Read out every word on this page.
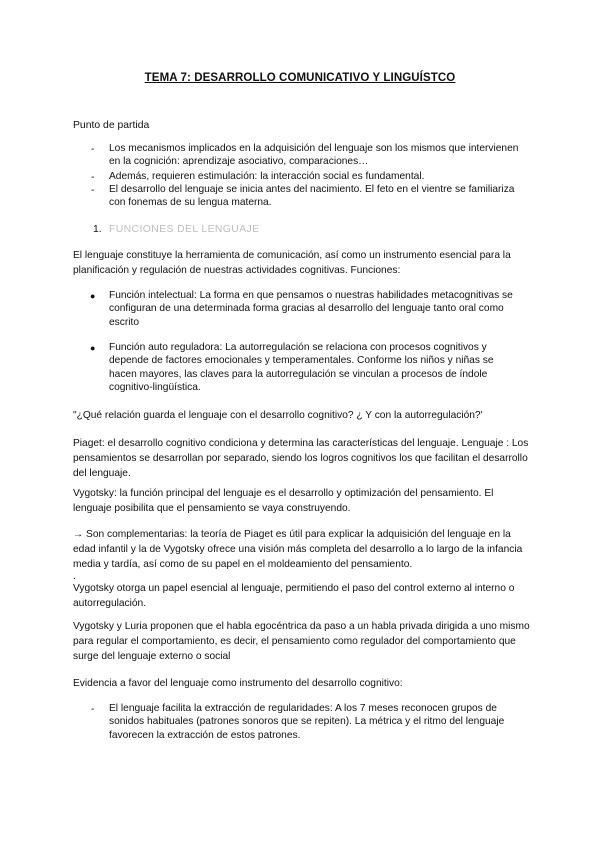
TEMA 7: DESARROLLO COMUNICATIVO Y LINGUÍSTCO
Punto de partida
- Los mecanismos implicados en la adquisición del lenguaje son los mismos que intervienen en la cognición: aprendizaje asociativo, comparaciones…
- Además, requieren estimulación: la interacción social es fundamental.
- El desarrollo del lenguaje se inicia antes del nacimiento. El feto en el vientre se familiariza con fonemas de su lengua materna.
1. FUNCIONES DEL LENGUAJE
El lenguaje constituye la herramienta de comunicación, así como un instrumento esencial para la planificación y regulación de nuestras actividades cognitivas. Funciones:
● Función intelectual: La forma en que pensamos o nuestras habilidades metacognitivas se configuran de una determinada forma gracias al desarrollo del lenguaje tanto oral como escrito
● Función auto reguladora: La autorregulación se relaciona con procesos cognitivos y depende de factores emocionales y temperamentales. Conforme los niños y niñas se hacen mayores, las claves para la autorregulación se vinculan a procesos de índole cognitivo-lingüística.
"¿Qué relación guarda el lenguaje con el desarrollo cognitivo? ¿ Y con la autorregulación?'
Piaget: el desarrollo cognitivo condiciona y determina las características del lenguaje. Lenguaje : Los pensamientos se desarrollan por separado, siendo los logros cognitivos los que facilitan el desarrollo del lenguaje.
Vygotsky: la función principal del lenguaje es el desarrollo y optimización del pensamiento. El lenguaje posibilita que el pensamiento se vaya construyendo.
→ Son complementarias: la teoría de Piaget es útil para explicar la adquisición del lenguaje en la edad infantil y la de Vygotsky ofrece una visión más completa del desarrollo a lo largo de la infancia media y tardía, así como de su papel en el moldeamiento del pensamiento.
.
Vygotsky otorga un papel esencial al lenguaje, permitiendo el paso del control externo al interno o autorregulación.
Vygotsky y Luria proponen que el habla egocéntrica da paso a un habla privada dirigida a uno mismo para regular el comportamiento, es decir, el pensamiento como regulador del comportamiento que surge del lenguaje externo o social
Evidencia a favor del lenguaje como instrumento del desarrollo cognitivo:
- El lenguaje facilita la extracción de regularidades: A los 7 meses reconocen grupos de sonidos habituales (patrones sonoros que se repiten). La métrica y el ritmo del lenguaje favorecen la extracción de estos patrones.
